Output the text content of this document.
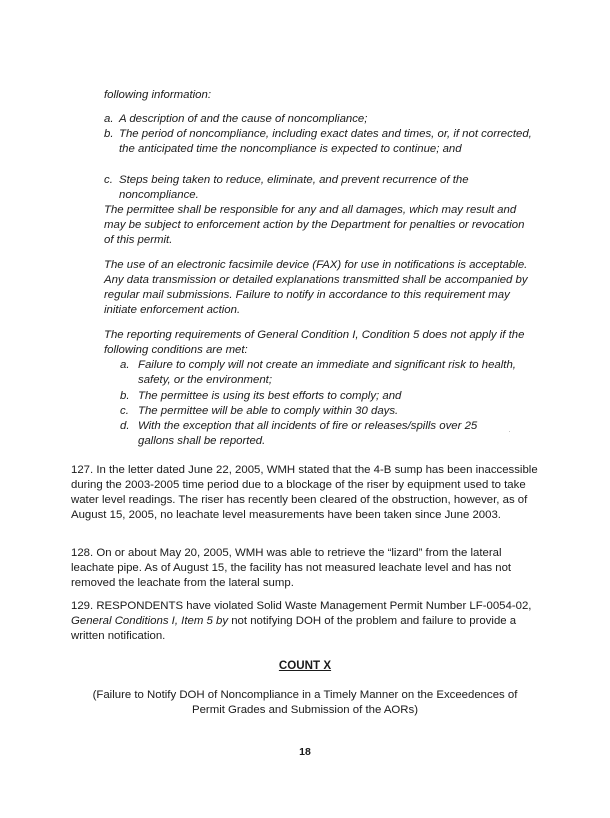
following information:

a. A description of and the cause of noncompliance;
b. The period of noncompliance, including exact dates and times, or, if not corrected, the anticipated time the noncompliance is expected to continue; and
c. Steps being taken to reduce, eliminate, and prevent recurrence of the noncompliance.

The permittee shall be responsible for any and all damages, which may result and may be subject to enforcement action by the Department for penalties or revocation of this permit.

The use of an electronic facsimile device (FAX) for use in notifications is acceptable. Any data transmission or detailed explanations transmitted shall be accompanied by regular mail submissions. Failure to notify in accordance to this requirement may initiate enforcement action.

The reporting requirements of General Condition I, Condition 5 does not apply if the following conditions are met:

a. Failure to comply will not create an immediate and significant risk to health, safety, or the environment;
b. The permittee is using its best efforts to comply; and
c. The permittee will be able to comply within 30 days.
d. With the exception that all incidents of fire or releases/spills over 25 gallons shall be reported.
·

127. In the letter dated June 22, 2005, WMH stated that the 4-B sump has been inaccessible during the 2003-2005 time period due to a blockage of the riser by equipment used to take water level readings. The riser has recently been cleared of the obstruction, however, as of August 15, 2005, no leachate level measurements have been taken since June 2003.

128. On or about May 20, 2005, WMH was able to retrieve the “lizard” from the lateral leachate pipe. As of August 15, the facility has not measured leachate level and has not removed the leachate from the lateral sump.

129. RESPONDENTS have violated Solid Waste Management Permit Number LF-0054-02, General Conditions I, Item 5 by not notifying DOH of the problem and failure to provide a written notification.

COUNT X

(Failure to Notify DOH of Noncompliance in a Timely Manner on the Exceedences of Permit Grades and Submission of the AORs)

18
